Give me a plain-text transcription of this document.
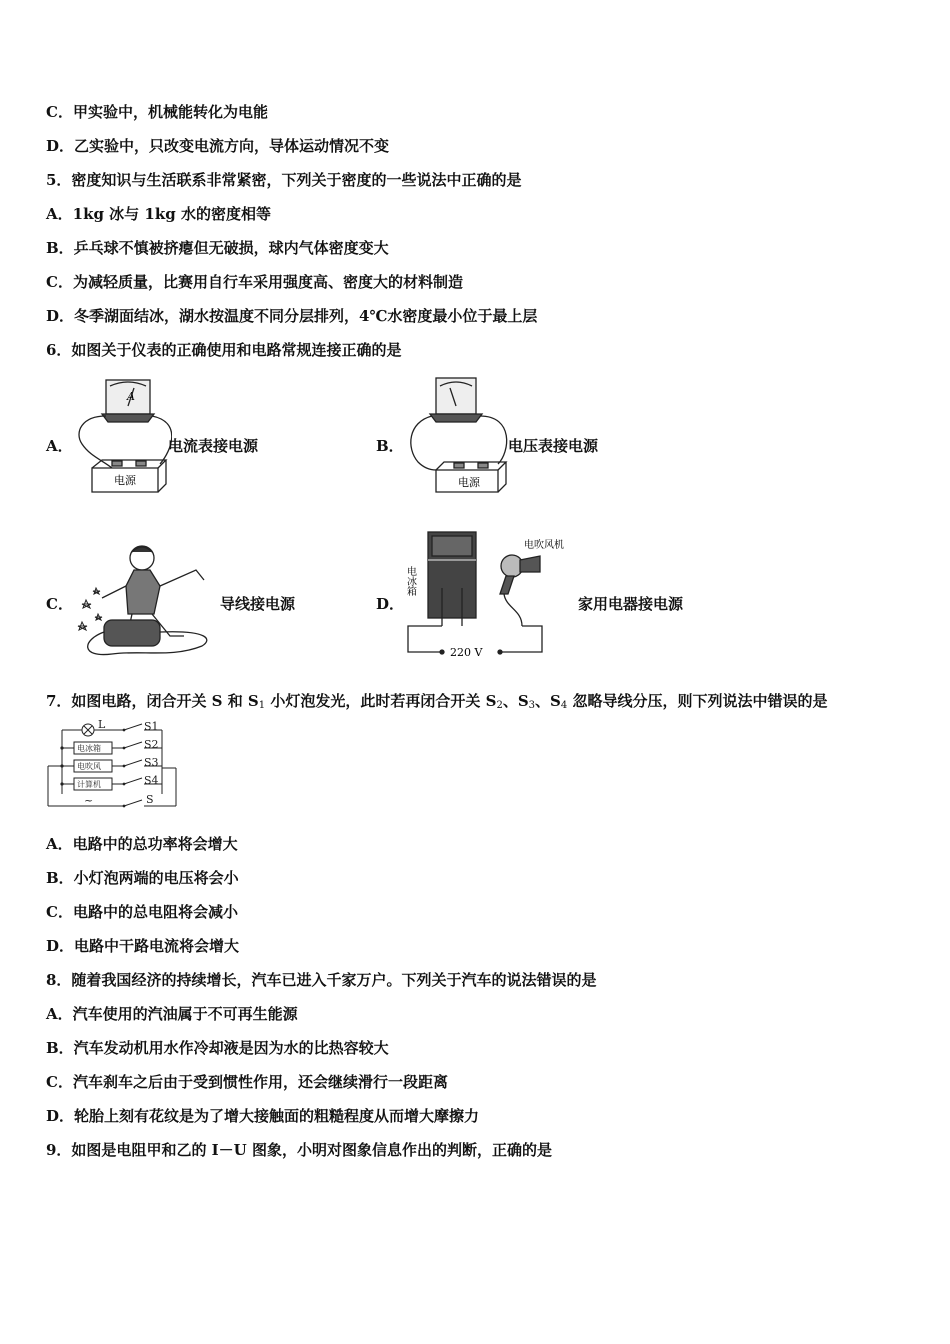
C．甲实验中，机械能转化为电能
D．乙实验中，只改变电流方向，导体运动情况不变
5．密度知识与生活联系非常紧密，下列关于密度的一些说法中正确的是
A．1kg 冰与 1kg 水的密度相等
B．乒乓球不慎被挤瘪但无破损，球内气体密度变大
C．为减轻质量，比赛用自行车采用强度高、密度大的材料制造
D．冬季湖面结冰，湖水按温度不同分层排列，4℃水密度最小位于最上层
6．如图关于仪表的正确使用和电路常规连接正确的是
A．
A
电源
电流表接电源	B．
电源
电压表接电源
C．	导线接电源	D．
电冰箱
电吹风机
220 V
家用电器接电源
7．如图电路，闭合开关 S 和 $S_1$ 小灯泡发光，此时若再闭合开关 $S_2$、$S_3$、$S_4$ 忽略导线分压，则下列说法中错误的是
电冰箱
电吹风
计算机
L	S1
S2
S3
S4
S
~
A．电路中的总功率将会增大
B．小灯泡两端的电压将会小
C．电路中的总电阻将会减小
D．电路中干路电流将会增大
8．随着我国经济的持续增长，汽车已进入千家万户。下列关于汽车的说法错误的是
A．汽车使用的汽油属于不可再生能源
B．汽车发动机用水作冷却液是因为水的比热容较大
C．汽车刹车之后由于受到惯性作用，还会继续滑行一段距离
D．轮胎上刻有花纹是为了增大接触面的粗糙程度从而增大摩擦力
9．如图是电阻甲和乙的 I－U 图象，小明对图象信息作出的判断，正确的是
